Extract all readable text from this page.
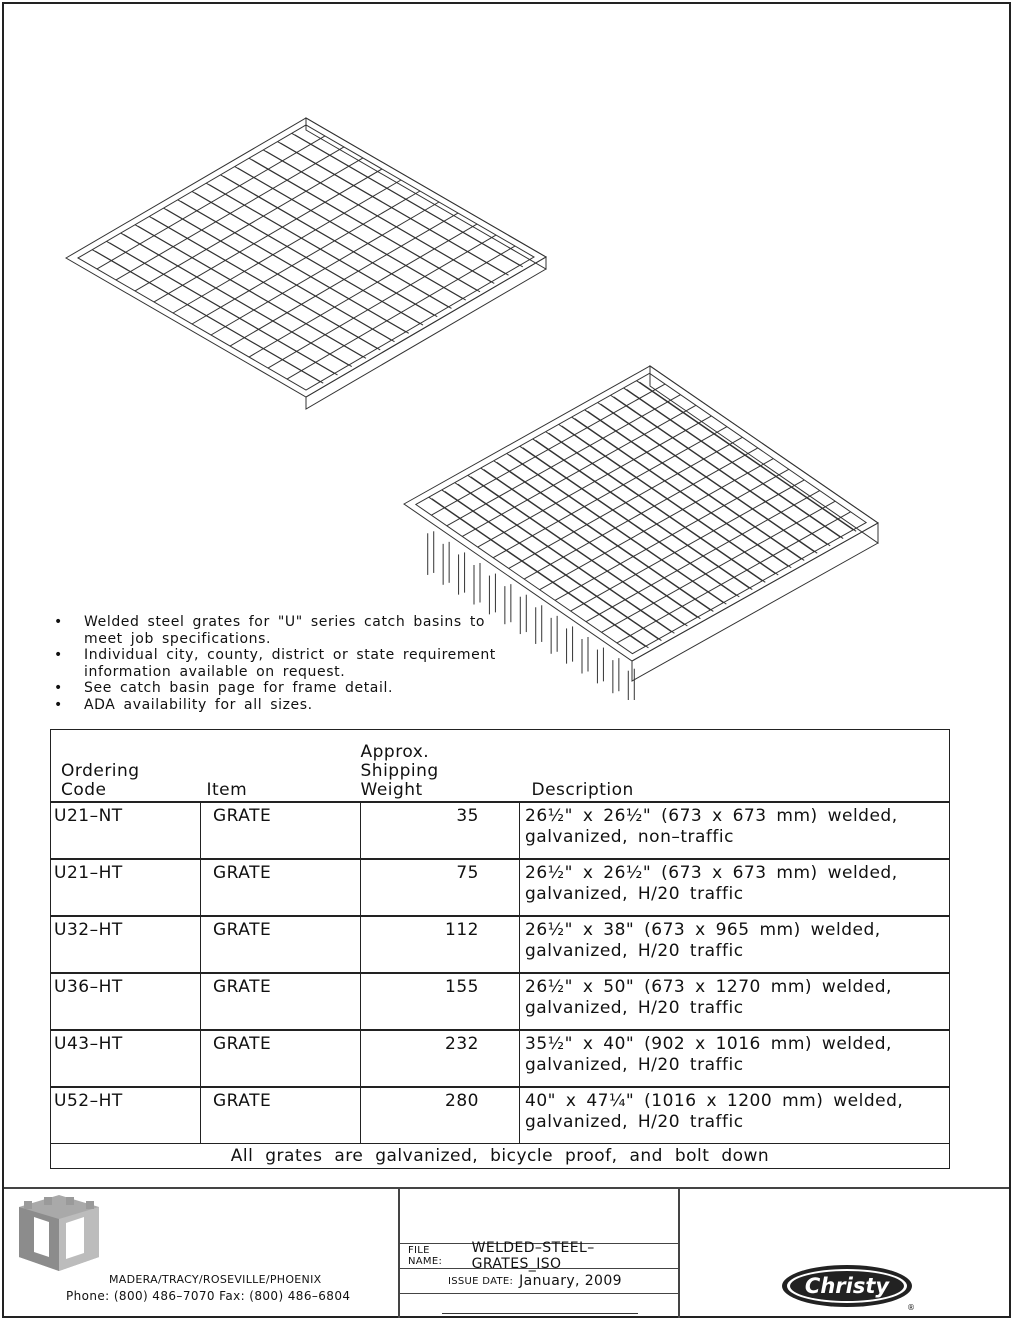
•	Welded steel grates for "U" series catch basins to meet job specifications.
•	Individual city, county, district or state requirement information available on request.
•	See catch basin page for frame detail.
•	ADA availability for all sizes.
Ordering
Code	Item	Approx.
Shipping
Weight	Description
U21–NT	GRATE	35	26½" x 26½" (673 x 673 mm) welded,
galvanized, non–traffic
U21–HT	GRATE	75	26½" x 26½" (673 x 673 mm) welded,
galvanized, H/20 traffic
U32–HT	GRATE	112	26½" x 38" (673 x 965 mm) welded,
galvanized, H/20 traffic
U36–HT	GRATE	155	26½" x 50" (673 x 1270 mm) welded,
galvanized, H/20 traffic
U43–HT	GRATE	232	35½" x 40" (902 x 1016 mm) welded,
galvanized, H/20 traffic
U52–HT	GRATE	280	40" x 47¼" (1016 x 1200 mm) welded,
galvanized, H/20 traffic
All grates are galvanized, bicycle proof, and bolt down			
MADERA/TRACY/ROSEVILLE/PHOENIX
Phone: (800) 486–7070 Fax: (800) 486–6804
FILE NAME:
WELDED–STEEL–GRATES_ISO
ISSUE DATE: January, 2009	Christy
®
